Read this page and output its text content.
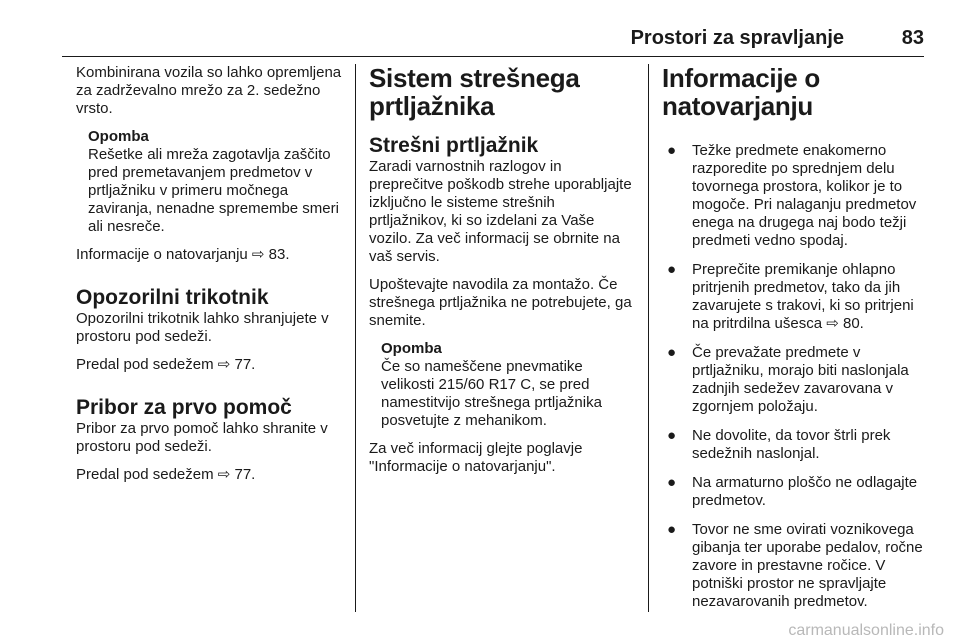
Prostori za spravljanje	83

Kombinirana vozila so lahko opremljena za zadrževalno mrežo za 2. sedežno vrsto.

Opomba

Rešetke ali mreža zagotavlja zaščito pred premetavanjem predmetov v prtljažniku v primeru močnega zaviranja, nenadne spremembe smeri ali nesreče.

Informacije o natovarjanju ⇨ 83.

Opozorilni trikotnik

Opozorilni trikotnik lahko shranjujete v prostoru pod sedeži.

Predal pod sedežem ⇨ 77.

Pribor za prvo pomoč

Pribor za prvo pomoč lahko shranite v prostoru pod sedeži.

Predal pod sedežem ⇨ 77.

Sistem strešnega prtljažnika
Strešni prtljažnik

Zaradi varnostnih razlogov in preprečitve poškodb strehe uporabljajte izključno le sisteme strešnih prtljažnikov, ki so izdelani za Vaše vozilo. Za več informacij se obrnite na vaš servis.

Upoštevajte navodila za montažo. Če strešnega prtljažnika ne potrebujete, ga snemite.

Opomba

Če so nameščene pnevmatike velikosti 215/60 R17 C, se pred namestitvijo strešnega prtljažnika posvetujte z mehanikom.

Za več informacij glejte poglavje "Informacije o natovarjanju".

Informacije o natovarjanju
● Težke predmete enakomerno razporedite po sprednjem delu tovornega prostora, kolikor je to mogoče. Pri nalaganju predmetov enega na drugega naj bodo težji predmeti vedno spodaj.
● Preprečite premikanje ohlapno pritrjenih predmetov, tako da jih zavarujete s trakovi, ki so pritrjeni na pritrdilna ušesca ⇨ 80.
● Če prevažate predmete v prtljažniku, morajo biti naslonjala zadnjih sedežev zavarovana v zgornjem položaju.
● Ne dovolite, da tovor štrli prek sedežnih naslonjal.
● Na armaturno ploščo ne odlagajte predmetov.
● Tovor ne sme ovirati voznikovega gibanja ter uporabe pedalov, ročne zavore in prestavne ročice. V potniški prostor ne spravljajte nezavarovanih predmetov.
carmanualsonline.info
